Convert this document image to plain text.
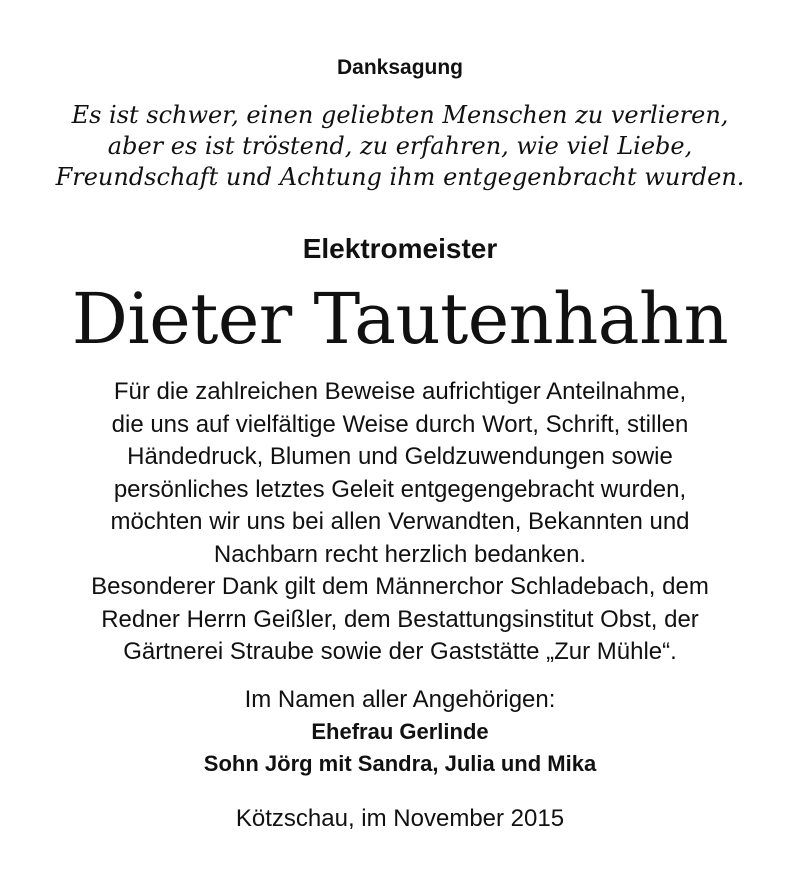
Danksagung
Es ist schwer, einen geliebten Menschen zu verlieren,
aber es ist tröstend, zu erfahren, wie viel Liebe,
Freundschaft und Achtung ihm entgegenbracht wurden.
Elektromeister
Dieter Tautenhahn
Für die zahlreichen Beweise aufrichtiger Anteilnahme,
die uns auf vielfältige Weise durch Wort, Schrift, stillen
Händedruck, Blumen und Geldzuwendungen sowie
persönliches letztes Geleit entgegengebracht wurden,
möchten wir uns bei allen Verwandten, Bekannten und
Nachbarn recht herzlich bedanken.
Besonderer Dank gilt dem Männerchor Schladebach, dem
Redner Herrn Geißler, dem Bestattungsinstitut Obst, der
Gärtnerei Straube sowie der Gaststätte „Zur Mühle“.
Im Namen aller Angehörigen:
Ehefrau Gerlinde
Sohn Jörg mit Sandra, Julia und Mika
Kötzschau, im November 2015
